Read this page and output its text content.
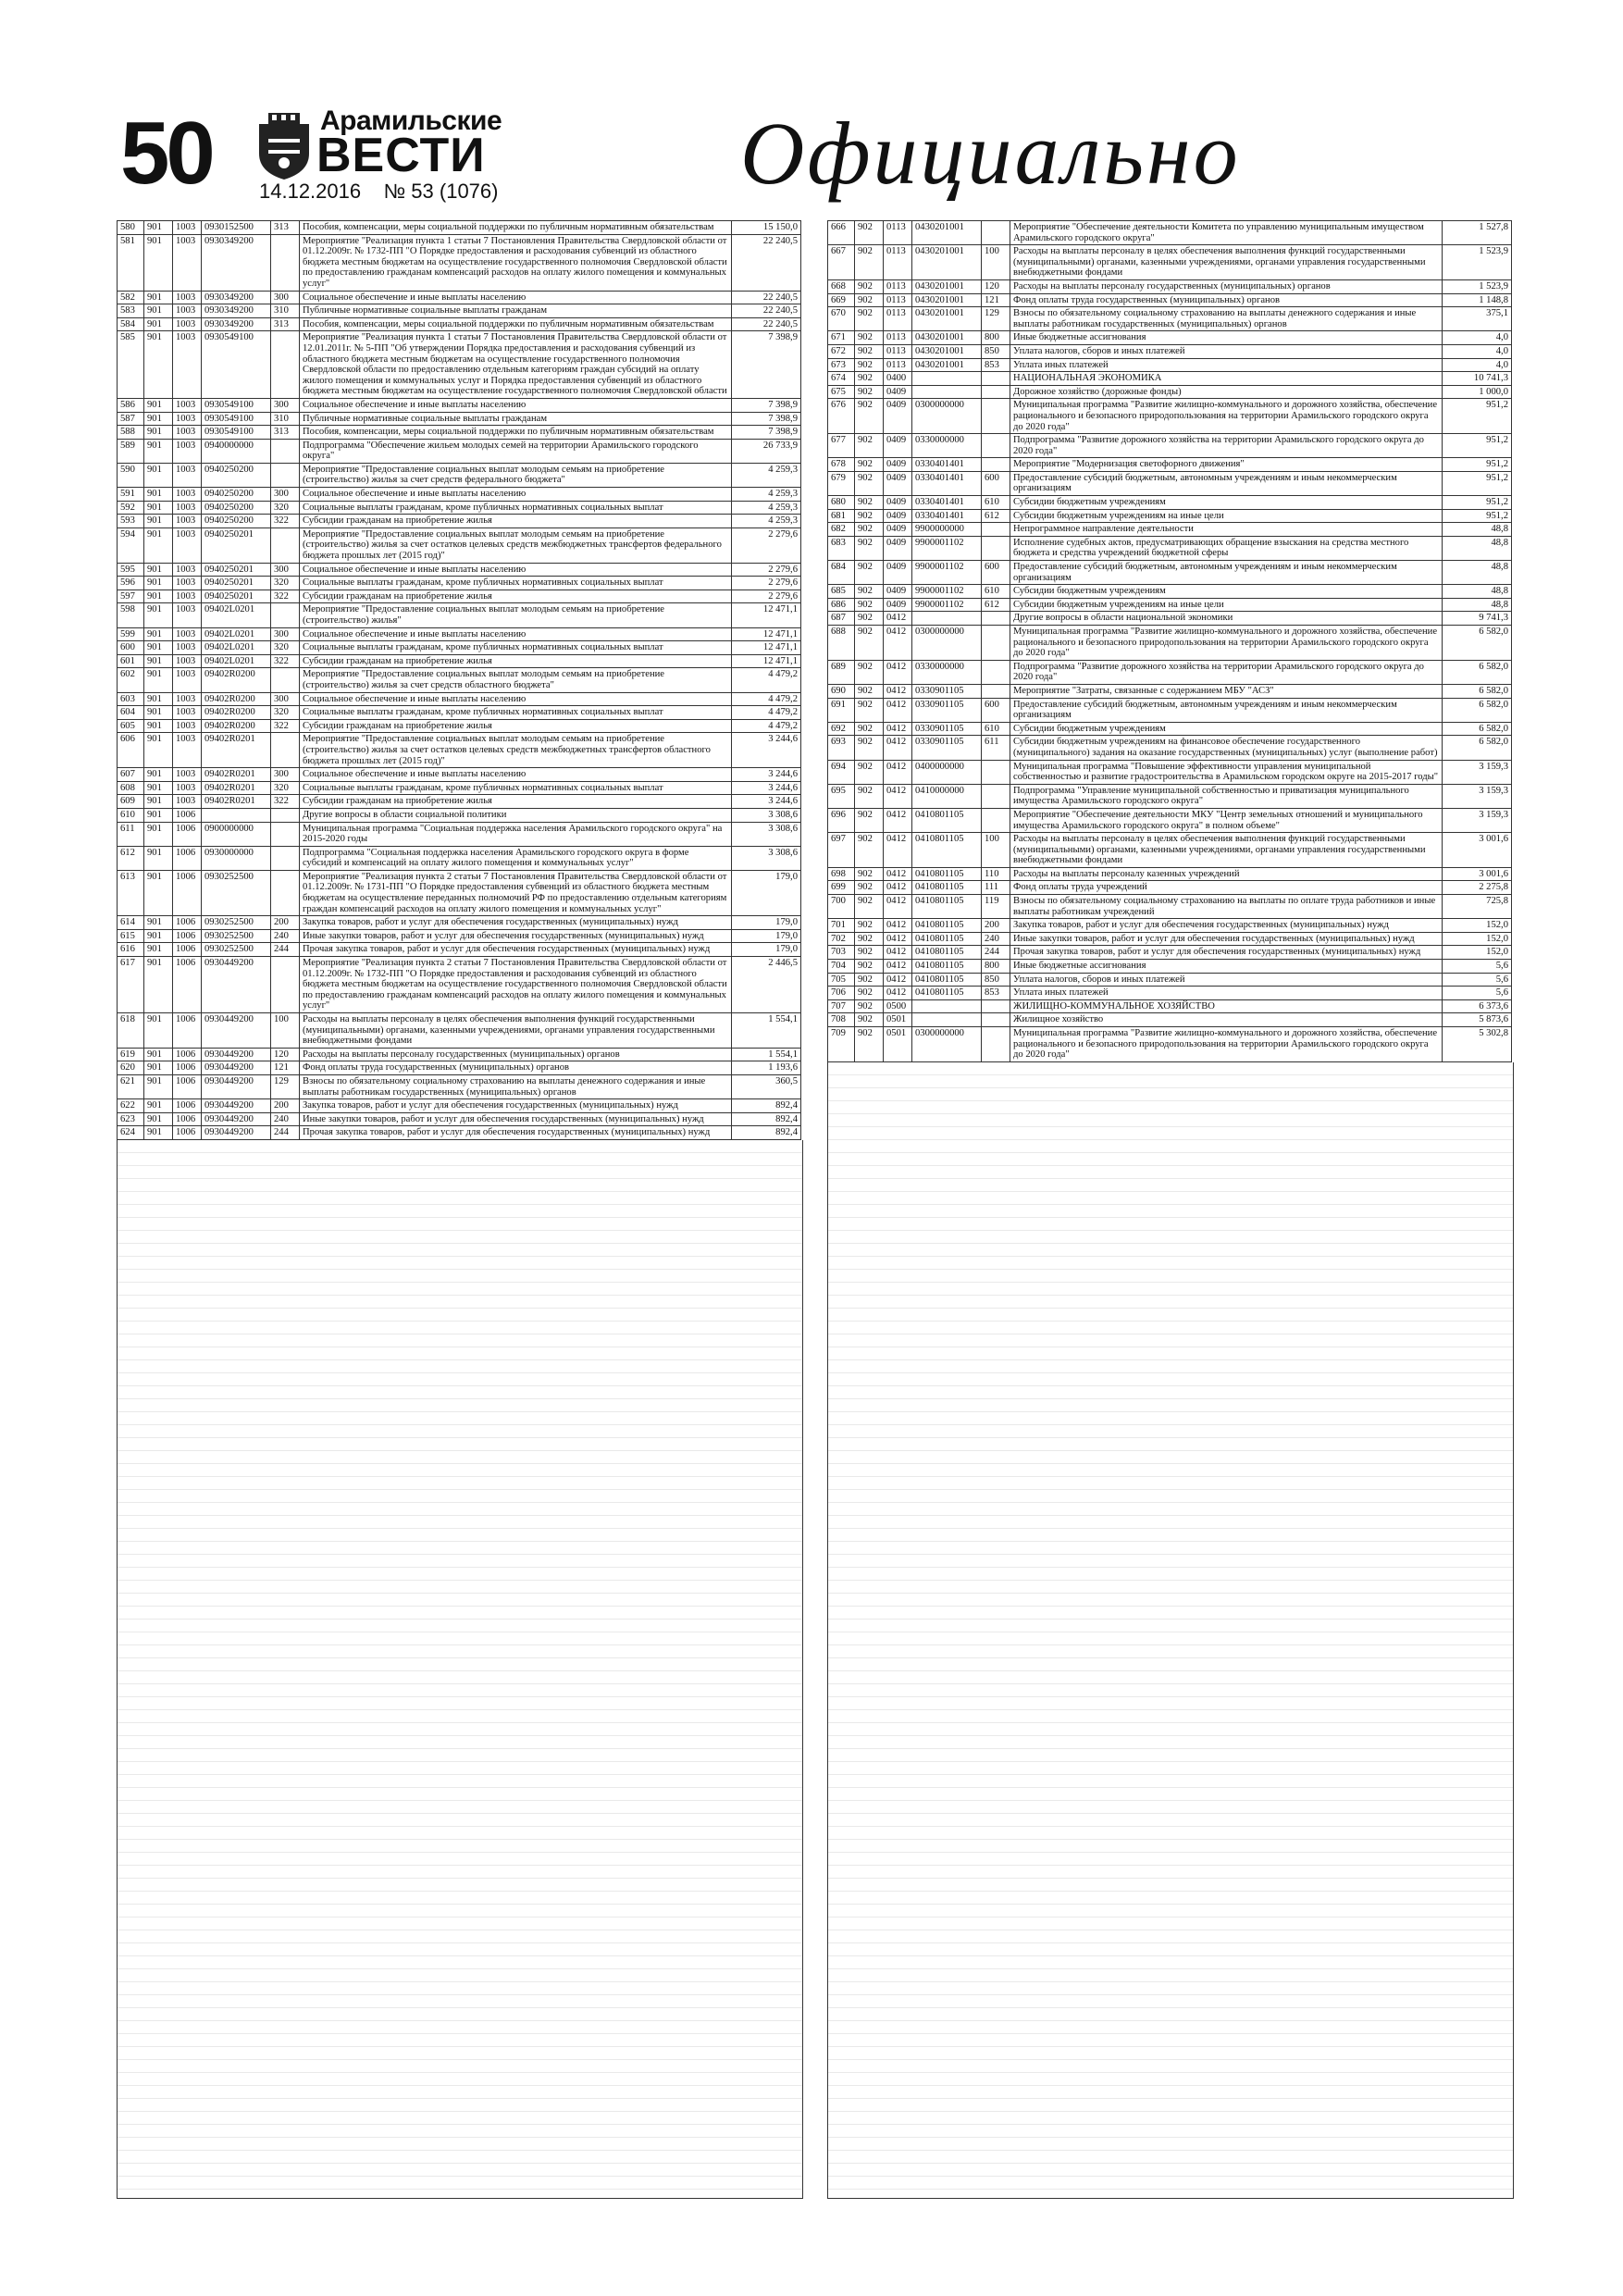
50	Арамильские
ВЕСТИ
14.12.2016 № 53 (1076)	Официально
580	901	1003	0930152500	313	Пособия, компенсации, меры социальной поддержки по публичным нормативным обязательствам	15 150,0
581	901	1003	0930349200		Мероприятие "Реализация пункта 1 статьи 7 Постановления Правительства Свердловской области от 01.12.2009г. № 1732-ПП "О Порядке предоставления и расходования субвенций из областного бюджета местным бюджетам на осуществление государственного полномочия Свердловской области по предоставлению гражданам компенсаций расходов на оплату жилого помещения и коммунальных услуг"	22 240,5
582	901	1003	0930349200	300	Социальное обеспечение и иные выплаты населению	22 240,5
583	901	1003	0930349200	310	Публичные нормативные социальные выплаты гражданам	22 240,5
584	901	1003	0930349200	313	Пособия, компенсации, меры социальной поддержки по публичным нормативным обязательствам	22 240,5
585	901	1003	0930549100		Мероприятие "Реализация пункта 1 статьи 7 Постановления Правительства Свердловской области от 12.01.2011г. № 5-ПП "Об утверждении Порядка предоставления и расходования субвенций из областного бюджета местным бюджетам на осуществление государственного полномочия Свердловской области по предоставлению отдельным категориям граждан субсидий на оплату жилого помещения и коммунальных услуг и Порядка предоставления субвенций из областного бюджета местным бюджетам на осуществление государственного полномочия Свердловской области	7 398,9
586	901	1003	0930549100	300	Социальное обеспечение и иные выплаты населению	7 398,9
587	901	1003	0930549100	310	Публичные нормативные социальные выплаты гражданам	7 398,9
588	901	1003	0930549100	313	Пособия, компенсации, меры социальной поддержки по публичным нормативным обязательствам	7 398,9
589	901	1003	0940000000		Подпрограмма "Обеспечение жильем молодых семей на территории Арамильского городского округа"	26 733,9
590	901	1003	0940250200		Мероприятие "Предоставление социальных выплат молодым семьям на приобретение (строительство) жилья за счет средств федерального бюджета"	4 259,3
591	901	1003	0940250200	300	Социальное обеспечение и иные выплаты населению	4 259,3
592	901	1003	0940250200	320	Социальные выплаты гражданам, кроме публичных нормативных социальных выплат	4 259,3
593	901	1003	0940250200	322	Субсидии гражданам на приобретение жилья	4 259,3
594	901	1003	0940250201		Мероприятие "Предоставление социальных выплат молодым семьям на приобретение (строительство) жилья за счет остатков целевых средств межбюджетных трансфертов федерального бюджета прошлых лет (2015 год)"	2 279,6
595	901	1003	0940250201	300	Социальное обеспечение и иные выплаты населению	2 279,6
596	901	1003	0940250201	320	Социальные выплаты гражданам, кроме публичных нормативных социальных выплат	2 279,6
597	901	1003	0940250201	322	Субсидии гражданам на приобретение жилья	2 279,6
598	901	1003	09402L0201		Мероприятие "Предоставление социальных выплат молодым семьям на приобретение (строительство) жилья"	12 471,1
599	901	1003	09402L0201	300	Социальное обеспечение и иные выплаты населению	12 471,1
600	901	1003	09402L0201	320	Социальные выплаты гражданам, кроме публичных нормативных социальных выплат	12 471,1
601	901	1003	09402L0201	322	Субсидии гражданам на приобретение жилья	12 471,1
602	901	1003	09402R0200		Мероприятие "Предоставление социальных выплат молодым семьям на приобретение (строительство) жилья за счет средств областного бюджета"	4 479,2
603	901	1003	09402R0200	300	Социальное обеспечение и иные выплаты населению	4 479,2
604	901	1003	09402R0200	320	Социальные выплаты гражданам, кроме публичных нормативных социальных выплат	4 479,2
605	901	1003	09402R0200	322	Субсидии гражданам на приобретение жилья	4 479,2
606	901	1003	09402R0201		Мероприятие "Предоставление социальных выплат молодым семьям на приобретение (строительство) жилья за счет остатков целевых средств межбюджетных трансфертов областного бюджета прошлых лет (2015 год)"	3 244,6
607	901	1003	09402R0201	300	Социальное обеспечение и иные выплаты населению	3 244,6
608	901	1003	09402R0201	320	Социальные выплаты гражданам, кроме публичных нормативных социальных выплат	3 244,6
609	901	1003	09402R0201	322	Субсидии гражданам на приобретение жилья	3 244,6
610	901	1006			Другие вопросы в области социальной политики	3 308,6
611	901	1006	0900000000		Муниципальная программа "Социальная поддержка населения Арамильского городского округа" на 2015-2020 годы	3 308,6
612	901	1006	0930000000		Подпрограмма "Социальная поддержка населения Арамильского городского округа в форме субсидий и компенсаций на оплату жилого помещения и коммунальных услуг"	3 308,6
613	901	1006	0930252500		Мероприятие "Реализация пункта 2 статьи 7 Постановления Правительства Свердловской области от 01.12.2009г. № 1731-ПП "О Порядке предоставления субвенций из областного бюджета местным бюджетам на осуществление переданных полномочий РФ по предоставлению отдельным категориям граждан компенсаций расходов на оплату жилого помещения и коммунальных услуг"	179,0
614	901	1006	0930252500	200	Закупка товаров, работ и услуг для обеспечения государственных (муниципальных) нужд	179,0
615	901	1006	0930252500	240	Иные закупки товаров, работ и услуг для обеспечения государственных (муниципальных) нужд	179,0
616	901	1006	0930252500	244	Прочая закупка товаров, работ и услуг для обеспечения государственных (муниципальных) нужд	179,0
617	901	1006	0930449200		Мероприятие "Реализация пункта 2 статьи 7 Постановления Правительства Свердловской области от 01.12.2009г. № 1732-ПП "О Порядке предоставления и расходования субвенций из областного бюджета местным бюджетам на осуществление государственного полномочия Свердловской области по предоставлению гражданам компенсаций расходов на оплату жилого помещения и коммунальных услуг"	2 446,5
618	901	1006	0930449200	100	Расходы на выплаты персоналу в целях обеспечения выполнения функций государственными (муниципальными) органами, казенными учреждениями, органами управления государственными внебюджетными фондами	1 554,1
619	901	1006	0930449200	120	Расходы на выплаты персоналу государственных (муниципальных) органов	1 554,1
620	901	1006	0930449200	121	Фонд оплаты труда государственных (муниципальных) органов	1 193,6
621	901	1006	0930449200	129	Взносы по обязательному социальному страхованию на выплаты денежного содержания и иные выплаты работникам государственных (муниципальных) органов	360,5
622	901	1006	0930449200	200	Закупка товаров, работ и услуг для обеспечения государственных (муниципальных) нужд	892,4
623	901	1006	0930449200	240	Иные закупки товаров, работ и услуг для обеспечения государственных (муниципальных) нужд	892,4
624	901	1006	0930449200	244	Прочая закупка товаров, работ и услуг для обеспечения государственных (муниципальных) нужд	892,4
666	902	0113	0430201001		Мероприятие "Обеспечение деятельности Комитета по управлению муниципальным имуществом Арамильского городского округа"	1 527,8
667	902	0113	0430201001	100	Расходы на выплаты персоналу в целях обеспечения выполнения функций государственными (муниципальными) органами, казенными учреждениями, органами управления государственными внебюджетными фондами	1 523,9
668	902	0113	0430201001	120	Расходы на выплаты персоналу государственных (муниципальных) органов	1 523,9
669	902	0113	0430201001	121	Фонд оплаты труда государственных (муниципальных) органов	1 148,8
670	902	0113	0430201001	129	Взносы по обязательному социальному страхованию на выплаты денежного содержания и иные выплаты работникам государственных (муниципальных) органов	375,1
671	902	0113	0430201001	800	Иные бюджетные ассигнования	4,0
672	902	0113	0430201001	850	Уплата налогов, сборов и иных платежей	4,0
673	902	0113	0430201001	853	Уплата иных платежей	4,0
674	902	0400			НАЦИОНАЛЬНАЯ ЭКОНОМИКА	10 741,3
675	902	0409			Дорожное хозяйство (дорожные фонды)	1 000,0
676	902	0409	0300000000		Муниципальная программа "Развитие жилищно-коммунального и дорожного хозяйства, обеспечение рационального и безопасного природопользования на территории Арамильского городского округа до 2020 года"	951,2
677	902	0409	0330000000		Подпрограмма "Развитие дорожного хозяйства на территории Арамильского городского округа до 2020 года"	951,2
678	902	0409	0330401401		Мероприятие "Модернизация светофорного движения"	951,2
679	902	0409	0330401401	600	Предоставление субсидий бюджетным, автономным учреждениям и иным некоммерческим организациям	951,2
680	902	0409	0330401401	610	Субсидии бюджетным учреждениям	951,2
681	902	0409	0330401401	612	Субсидии бюджетным учреждениям на иные цели	951,2
682	902	0409	9900000000		Непрограммное направление деятельности	48,8
683	902	0409	9900001102		Исполнение судебных актов, предусматривающих обращение взыскания на средства местного бюджета и средства учреждений бюджетной сферы	48,8
684	902	0409	9900001102	600	Предоставление субсидий бюджетным, автономным учреждениям и иным некоммерческим организациям	48,8
685	902	0409	9900001102	610	Субсидии бюджетным учреждениям	48,8
686	902	0409	9900001102	612	Субсидии бюджетным учреждениям на иные цели	48,8
687	902	0412			Другие вопросы в области национальной экономики	9 741,3
688	902	0412	0300000000		Муниципальная программа "Развитие жилищно-коммунального и дорожного хозяйства, обеспечение рационального и безопасного природопользования на территории Арамильского городского округа до 2020 года"	6 582,0
689	902	0412	0330000000		Подпрограмма "Развитие дорожного хозяйства на территории Арамильского городского округа до 2020 года"	6 582,0
690	902	0412	0330901105		Мероприятие "Затраты, связанные с содержанием МБУ "АСЗ"	6 582,0
691	902	0412	0330901105	600	Предоставление субсидий бюджетным, автономным учреждениям и иным некоммерческим организациям	6 582,0
692	902	0412	0330901105	610	Субсидии бюджетным учреждениям	6 582,0
693	902	0412	0330901105	611	Субсидии бюджетным учреждениям на финансовое обеспечение государственного (муниципального) задания на оказание государственных (муниципальных) услуг (выполнение работ)	6 582,0
694	902	0412	0400000000		Муниципальная программа "Повышение эффективности управления муниципальной собственностью и развитие градостроительства в Арамильском городском округе на 2015-2017 годы"	3 159,3
695	902	0412	0410000000		Подпрограмма "Управление муниципальной собственностью и приватизация муниципального имущества Арамильского городского округа"	3 159,3
696	902	0412	0410801105		Мероприятие "Обеспечение деятельности МКУ "Центр земельных отношений и муниципального имущества Арамильского городского округа" в полном объеме"	3 159,3
697	902	0412	0410801105	100	Расходы на выплаты персоналу в целях обеспечения выполнения функций государственными (муниципальными) органами, казенными учреждениями, органами управления государственными внебюджетными фондами	3 001,6
698	902	0412	0410801105	110	Расходы на выплаты персоналу казенных учреждений	3 001,6
699	902	0412	0410801105	111	Фонд оплаты труда учреждений	2 275,8
700	902	0412	0410801105	119	Взносы по обязательному социальному страхованию на выплаты по оплате труда работников и иные выплаты работникам учреждений	725,8
701	902	0412	0410801105	200	Закупка товаров, работ и услуг для обеспечения государственных (муниципальных) нужд	152,0
702	902	0412	0410801105	240	Иные закупки товаров, работ и услуг для обеспечения государственных (муниципальных) нужд	152,0
703	902	0412	0410801105	244	Прочая закупка товаров, работ и услуг для обеспечения государственных (муниципальных) нужд	152,0
704	902	0412	0410801105	800	Иные бюджетные ассигнования	5,6
705	902	0412	0410801105	850	Уплата налогов, сборов и иных платежей	5,6
706	902	0412	0410801105	853	Уплата иных платежей	5,6
707	902	0500			ЖИЛИЩНО-КОММУНАЛЬНОЕ ХОЗЯЙСТВО	6 373,6
708	902	0501			Жилищное хозяйство	5 873,6
709	902	0501	0300000000		Муниципальная программа "Развитие жилищно-коммунального и дорожного хозяйства, обеспечение рационального и безопасного природопользования на территории Арамильского городского округа до 2020 года"	5 302,8
